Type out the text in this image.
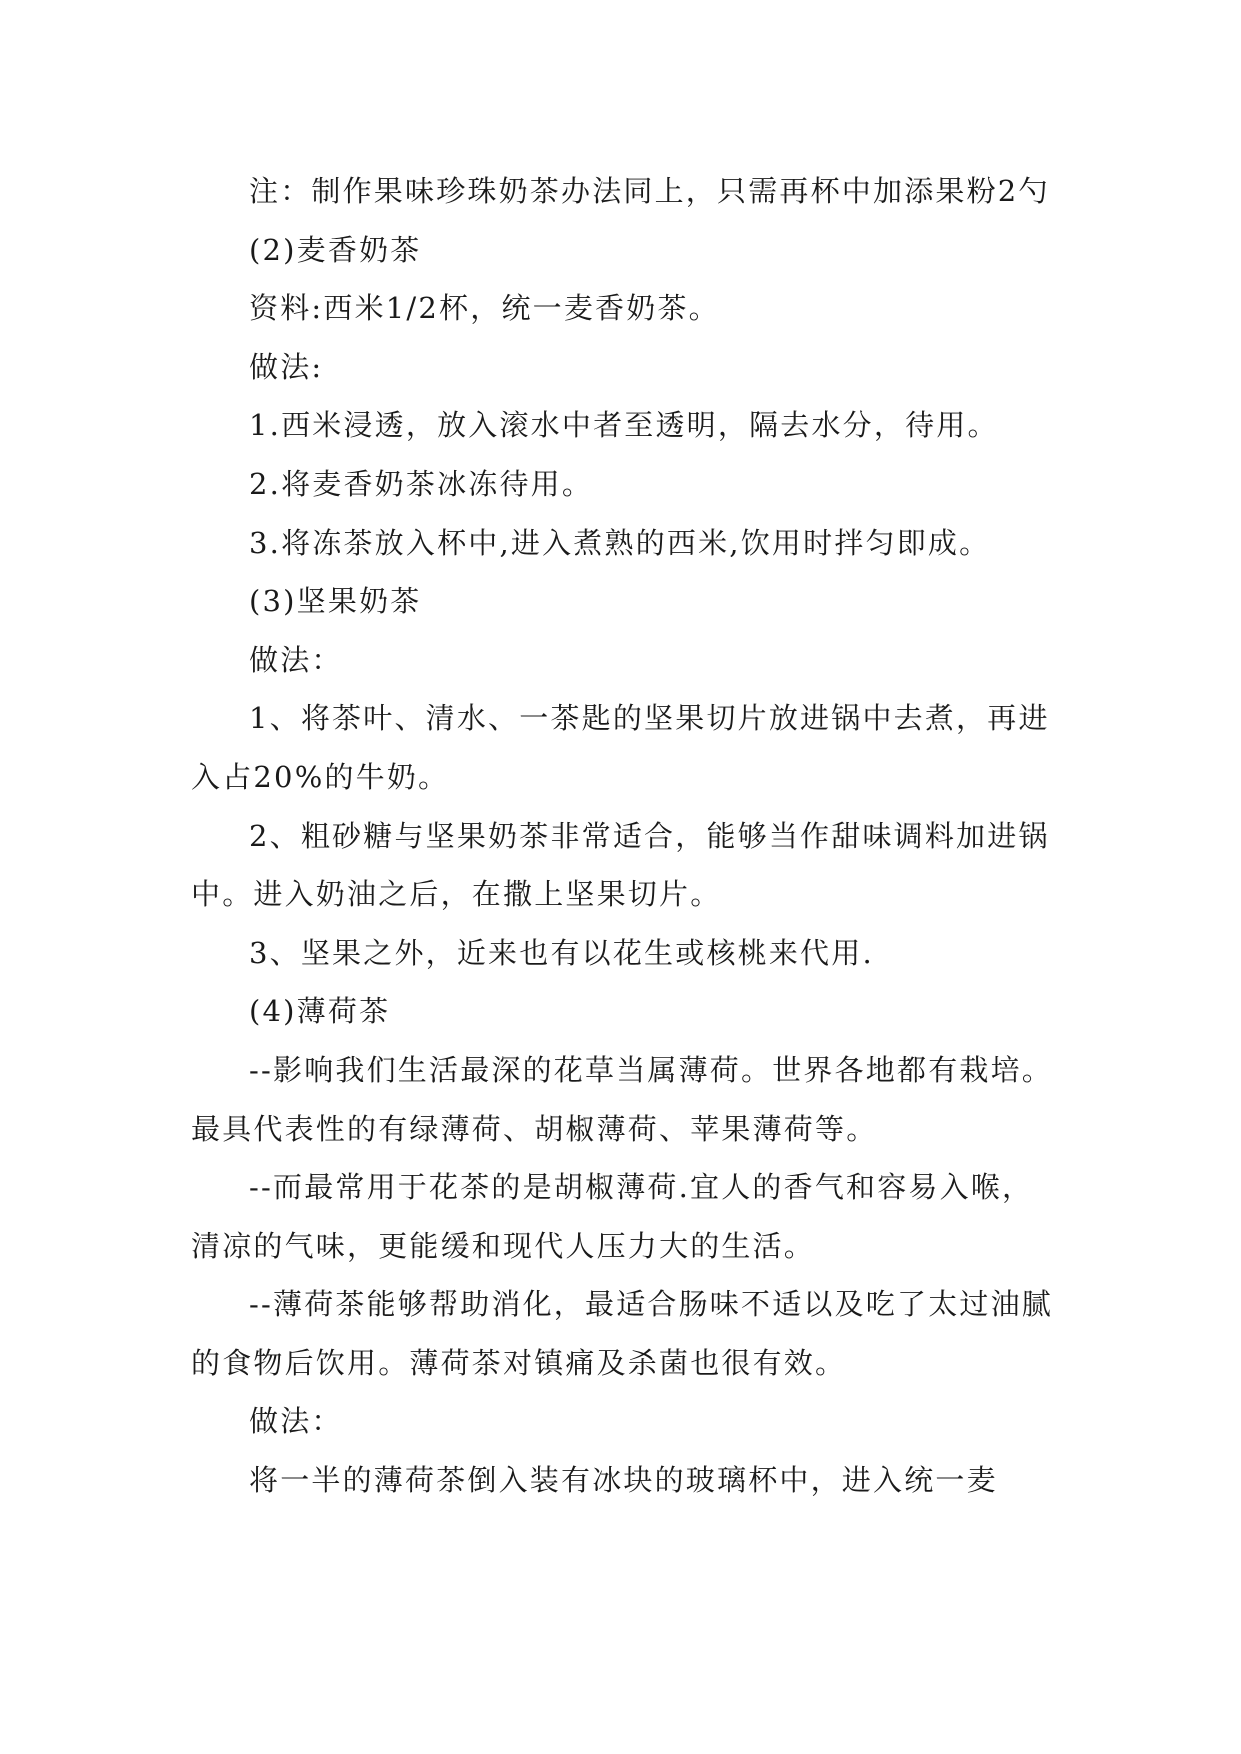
注：制作果味珍珠奶茶办法同上，只需再杯中加添果粉2勺

(2)麦香奶茶

资料:西米1/2杯，统一麦香奶茶。

做法:

1.西米浸透，放入滚水中者至透明，隔去水分，待用。

2.将麦香奶茶冰冻待用。

3.将冻茶放入杯中,进入煮熟的西米,饮用时拌匀即成。

(3)坚果奶茶

做法：

1、将茶叶、清水、一茶匙的坚果切片放进锅中去煮，再进入占20%的牛奶。

2、粗砂糖与坚果奶茶非常适合，能够当作甜味调料加进锅中。进入奶油之后，在撒上坚果切片。

3、坚果之外，近来也有以花生或核桃来代用.

(4)薄荷茶

--影响我们生活最深的花草当属薄荷。世界各地都有栽培。最具代表性的有绿薄荷、胡椒薄荷、苹果薄荷等。

--而最常用于花茶的是胡椒薄荷.宜人的香气和容易入喉，清凉的气味，更能缓和现代人压力大的生活。

--薄荷茶能够帮助消化，最适合肠味不适以及吃了太过油腻的食物后饮用。薄荷茶对镇痛及杀菌也很有效。

做法：

将一半的薄荷茶倒入装有冰块的玻璃杯中，进入统一麦
